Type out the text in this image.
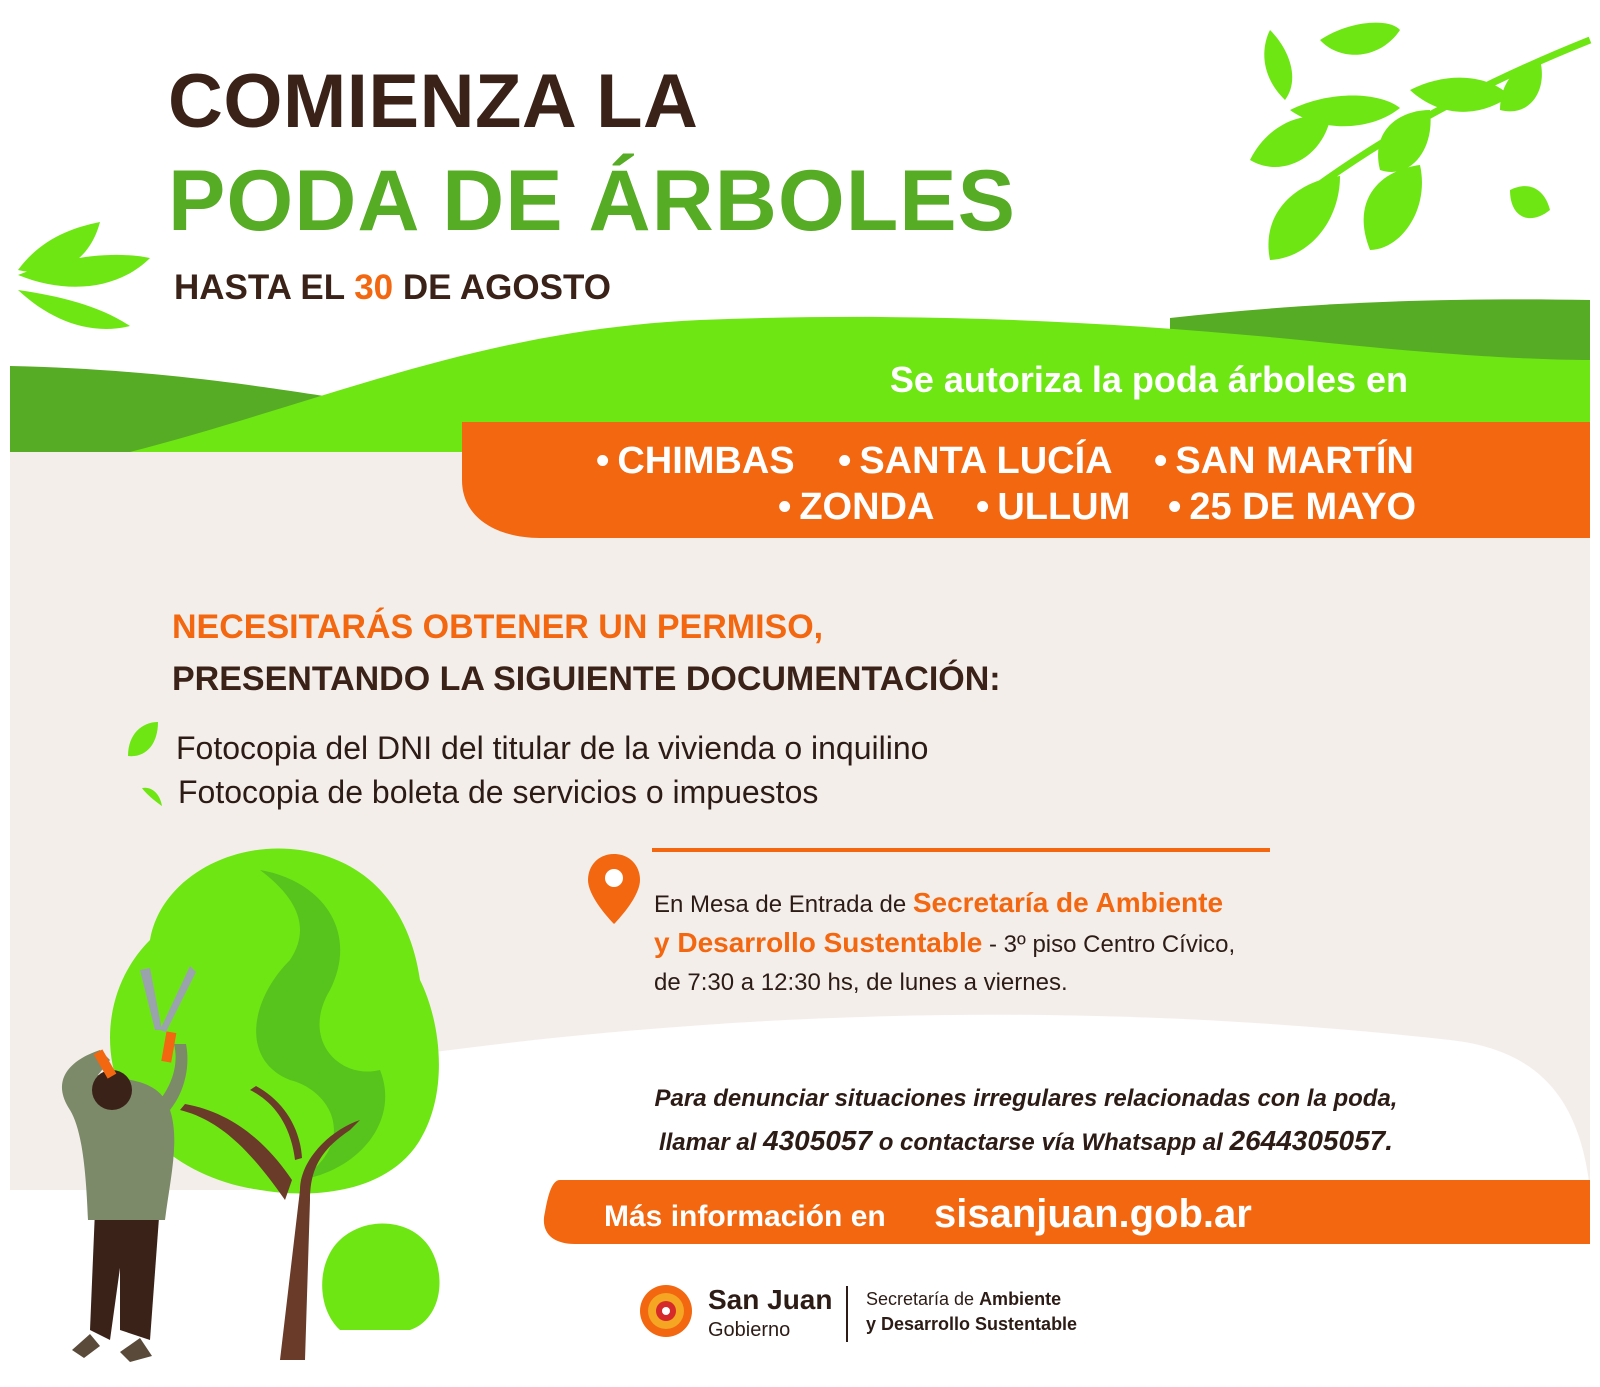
COMIENZA LA
PODA DE ÁRBOLES
HASTA EL 30 DE AGOSTO
Se autoriza la poda árboles en
• CHIMBAS • SANTA LUCÍA • SAN MARTÍN
• ZONDA • ULLUM • 25 DE MAYO
NECESITARÁS OBTENER UN PERMISO,
PRESENTANDO LA SIGUIENTE DOCUMENTACIÓN:
Fotocopia del DNI del titular de la vivienda o inquilino
Fotocopia de boleta de servicios o impuestos
En Mesa de Entrada de Secretaría de Ambiente
y Desarrollo Sustentable - 3º piso Centro Cívico,
de 7:30 a 12:30 hs, de lunes a viernes.
Para denunciar situaciones irregulares relacionadas con la poda,
llamar al 4305057 o contactarse vía Whatsapp al 2644305057.
Más información en sisanjuan.gob.ar
San Juan
Gobierno
Secretaría de Ambiente
y Desarrollo Sustentable
